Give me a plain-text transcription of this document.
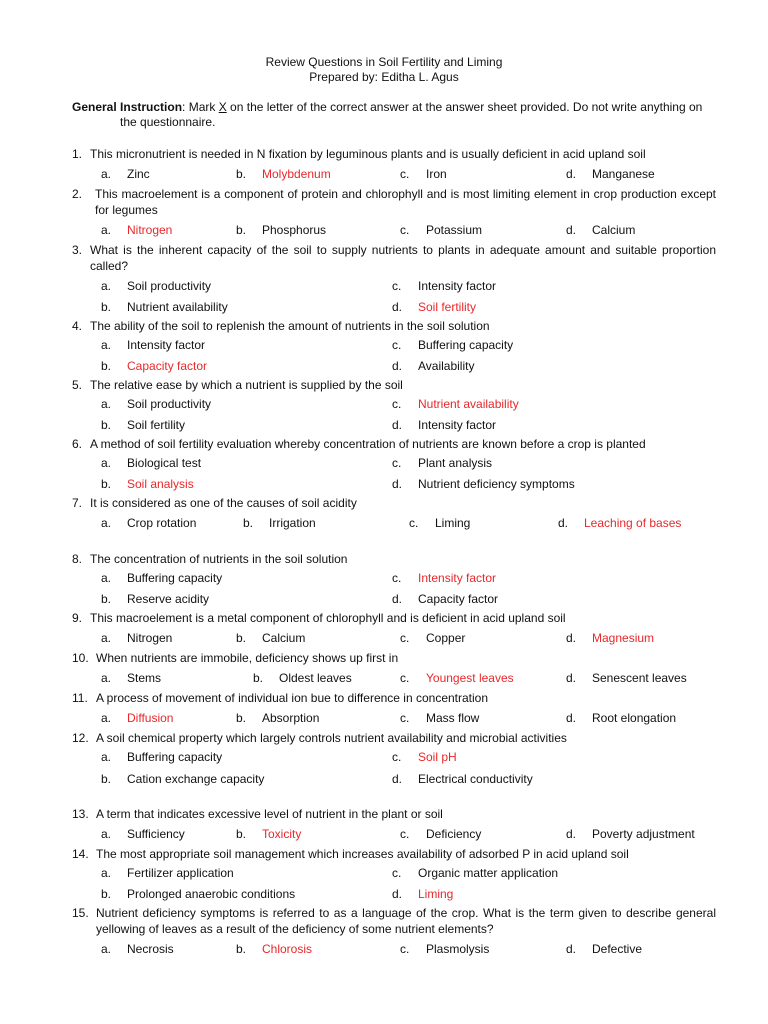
Review Questions in Soil Fertility and Liming
Prepared by: Editha L. Agus
General Instruction: Mark X on the letter of the correct answer at the answer sheet provided. Do not write anything on the questionnaire.
1. This micronutrient is needed in N fixation by leguminous plants and is usually deficient in acid upland soil
a. Zinc	b. Molybdenum	c. Iron	d. Manganese
2.	This macroelement is a component of protein and chlorophyll and is most limiting element in crop production except for legumes
a. Nitrogen	b. Phosphorus	c. Potassium	d. Calcium
3. What is the inherent capacity of the soil to supply nutrients to plants in adequate amount and suitable proportion called?
a. Soil productivity
b. Nutrient availability
c. Intensity factor
d. Soil fertility
4. The ability of the soil to replenish the amount of nutrients in the soil solution
a. Intensity factor
b. Capacity factor
c. Buffering capacity
d. Availability
5. The relative ease by which a nutrient is supplied by the soil
a. Soil productivity
b. Soil fertility
c. Nutrient availability
d. Intensity factor
6. A method of soil fertility evaluation whereby concentration of nutrients are known before a crop is planted
a. Biological test
b. Soil analysis
c. Plant analysis
d. Nutrient deficiency symptoms
7. It is considered as one of the causes of soil acidity
a. Crop rotation	b. Irrigation	c. Liming	d. Leaching of bases
8. The concentration of nutrients in the soil solution
a. Buffering capacity
b. Reserve acidity
c. Intensity factor
d. Capacity factor
9. This macroelement is a metal component of chlorophyll and is deficient in acid upland soil
a. Nitrogen	b. Calcium	c. Copper	d. Magnesium
10. When nutrients are immobile, deficiency shows up first in
a. Stems	b. Oldest leaves	c. Youngest leaves	d. Senescent leaves
11. A process of movement of individual ion bue to difference in concentration
a. Diffusion	b. Absorption	c. Mass flow	d. Root elongation
12. A soil chemical property which largely controls nutrient availability and microbial activities
a. Buffering capacity
b. Cation exchange capacity
c. Soil pH
d. Electrical conductivity
13. A term that indicates excessive level of nutrient in the plant or soil
a. Sufficiency	b. Toxicity	c. Deficiency	d. Poverty adjustment
14. The most appropriate soil management which increases availability of adsorbed P in acid upland soil
a. Fertilizer application
b. Prolonged anaerobic conditions
c. Organic matter application
d. Liming
15. Nutrient deficiency symptoms is referred to as a language of the crop. What is the term given to describe general yellowing of leaves as a result of the deficiency of some nutrient elements?
a. Necrosis	b. Chlorosis	c. Plasmolysis	d. Defective
